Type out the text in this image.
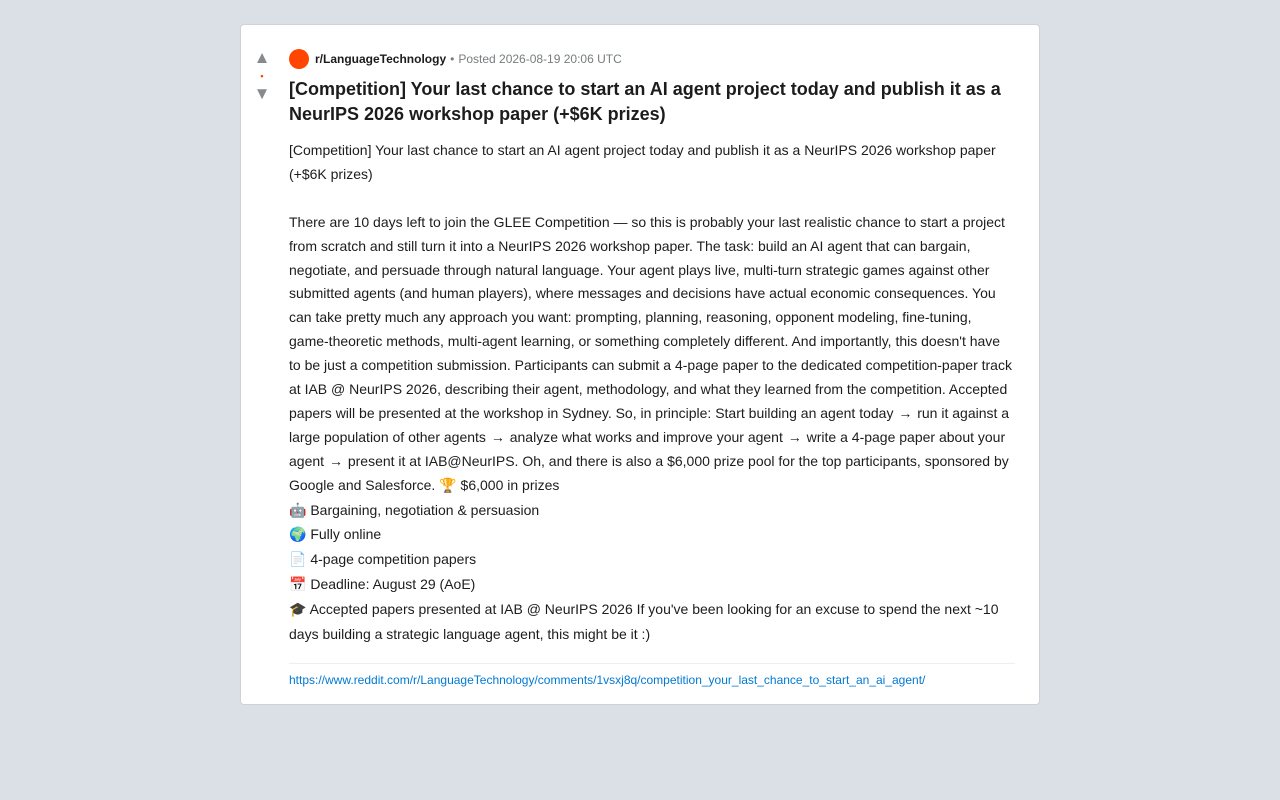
▲
•
▼
r/LanguageTechnology • Posted 2026-08-19 20:06 UTC
[Competition] Your last chance to start an AI agent project today and publish it as a NeurIPS 2026 workshop paper (+$6K prizes)

[Competition] Your last chance to start an AI agent project today and publish it as a NeurIPS 2026 workshop paper (+$6K prizes)

There are 10 days left to join the GLEE Competition — so this is probably your last realistic chance to start a project from scratch and still turn it into a NeurIPS 2026 workshop paper. The task: build an AI agent that can bargain, negotiate, and persuade through natural language. Your agent plays live, multi-turn strategic games against other submitted agents (and human players), where messages and decisions have actual economic consequences. You can take pretty much any approach you want: prompting, planning, reasoning, opponent modeling, fine-tuning, game-theoretic methods, multi-agent learning, or something completely different. And importantly, this doesn't have to be just a competition submission. Participants can submit a 4-page paper to the dedicated competition-paper track at IAB @ NeurIPS 2026, describing their agent, methodology, and what they learned from the competition. Accepted papers will be presented at the workshop in Sydney. So, in principle: Start building an agent today → run it against a large population of other agents → analyze what works and improve your agent → write a 4-page paper about your agent → present it at IAB@NeurIPS. Oh, and there is also a $6,000 prize pool for the top participants, sponsored by Google and Salesforce. 🏆 $6,000 in prizes

🤖 Bargaining, negotiation & persuasion

🌍 Fully online

📄 4-page competition papers

📅 Deadline: August 29 (AoE)

🎓 Accepted papers presented at IAB @ NeurIPS 2026 If you've been looking for an excuse to spend the next ~10 days building a strategic language agent, this might be it :)

https://www.reddit.com/r/LanguageTechnology/comments/1vsxj8q/competition_your_last_chance_to_start_an_ai_agent/
